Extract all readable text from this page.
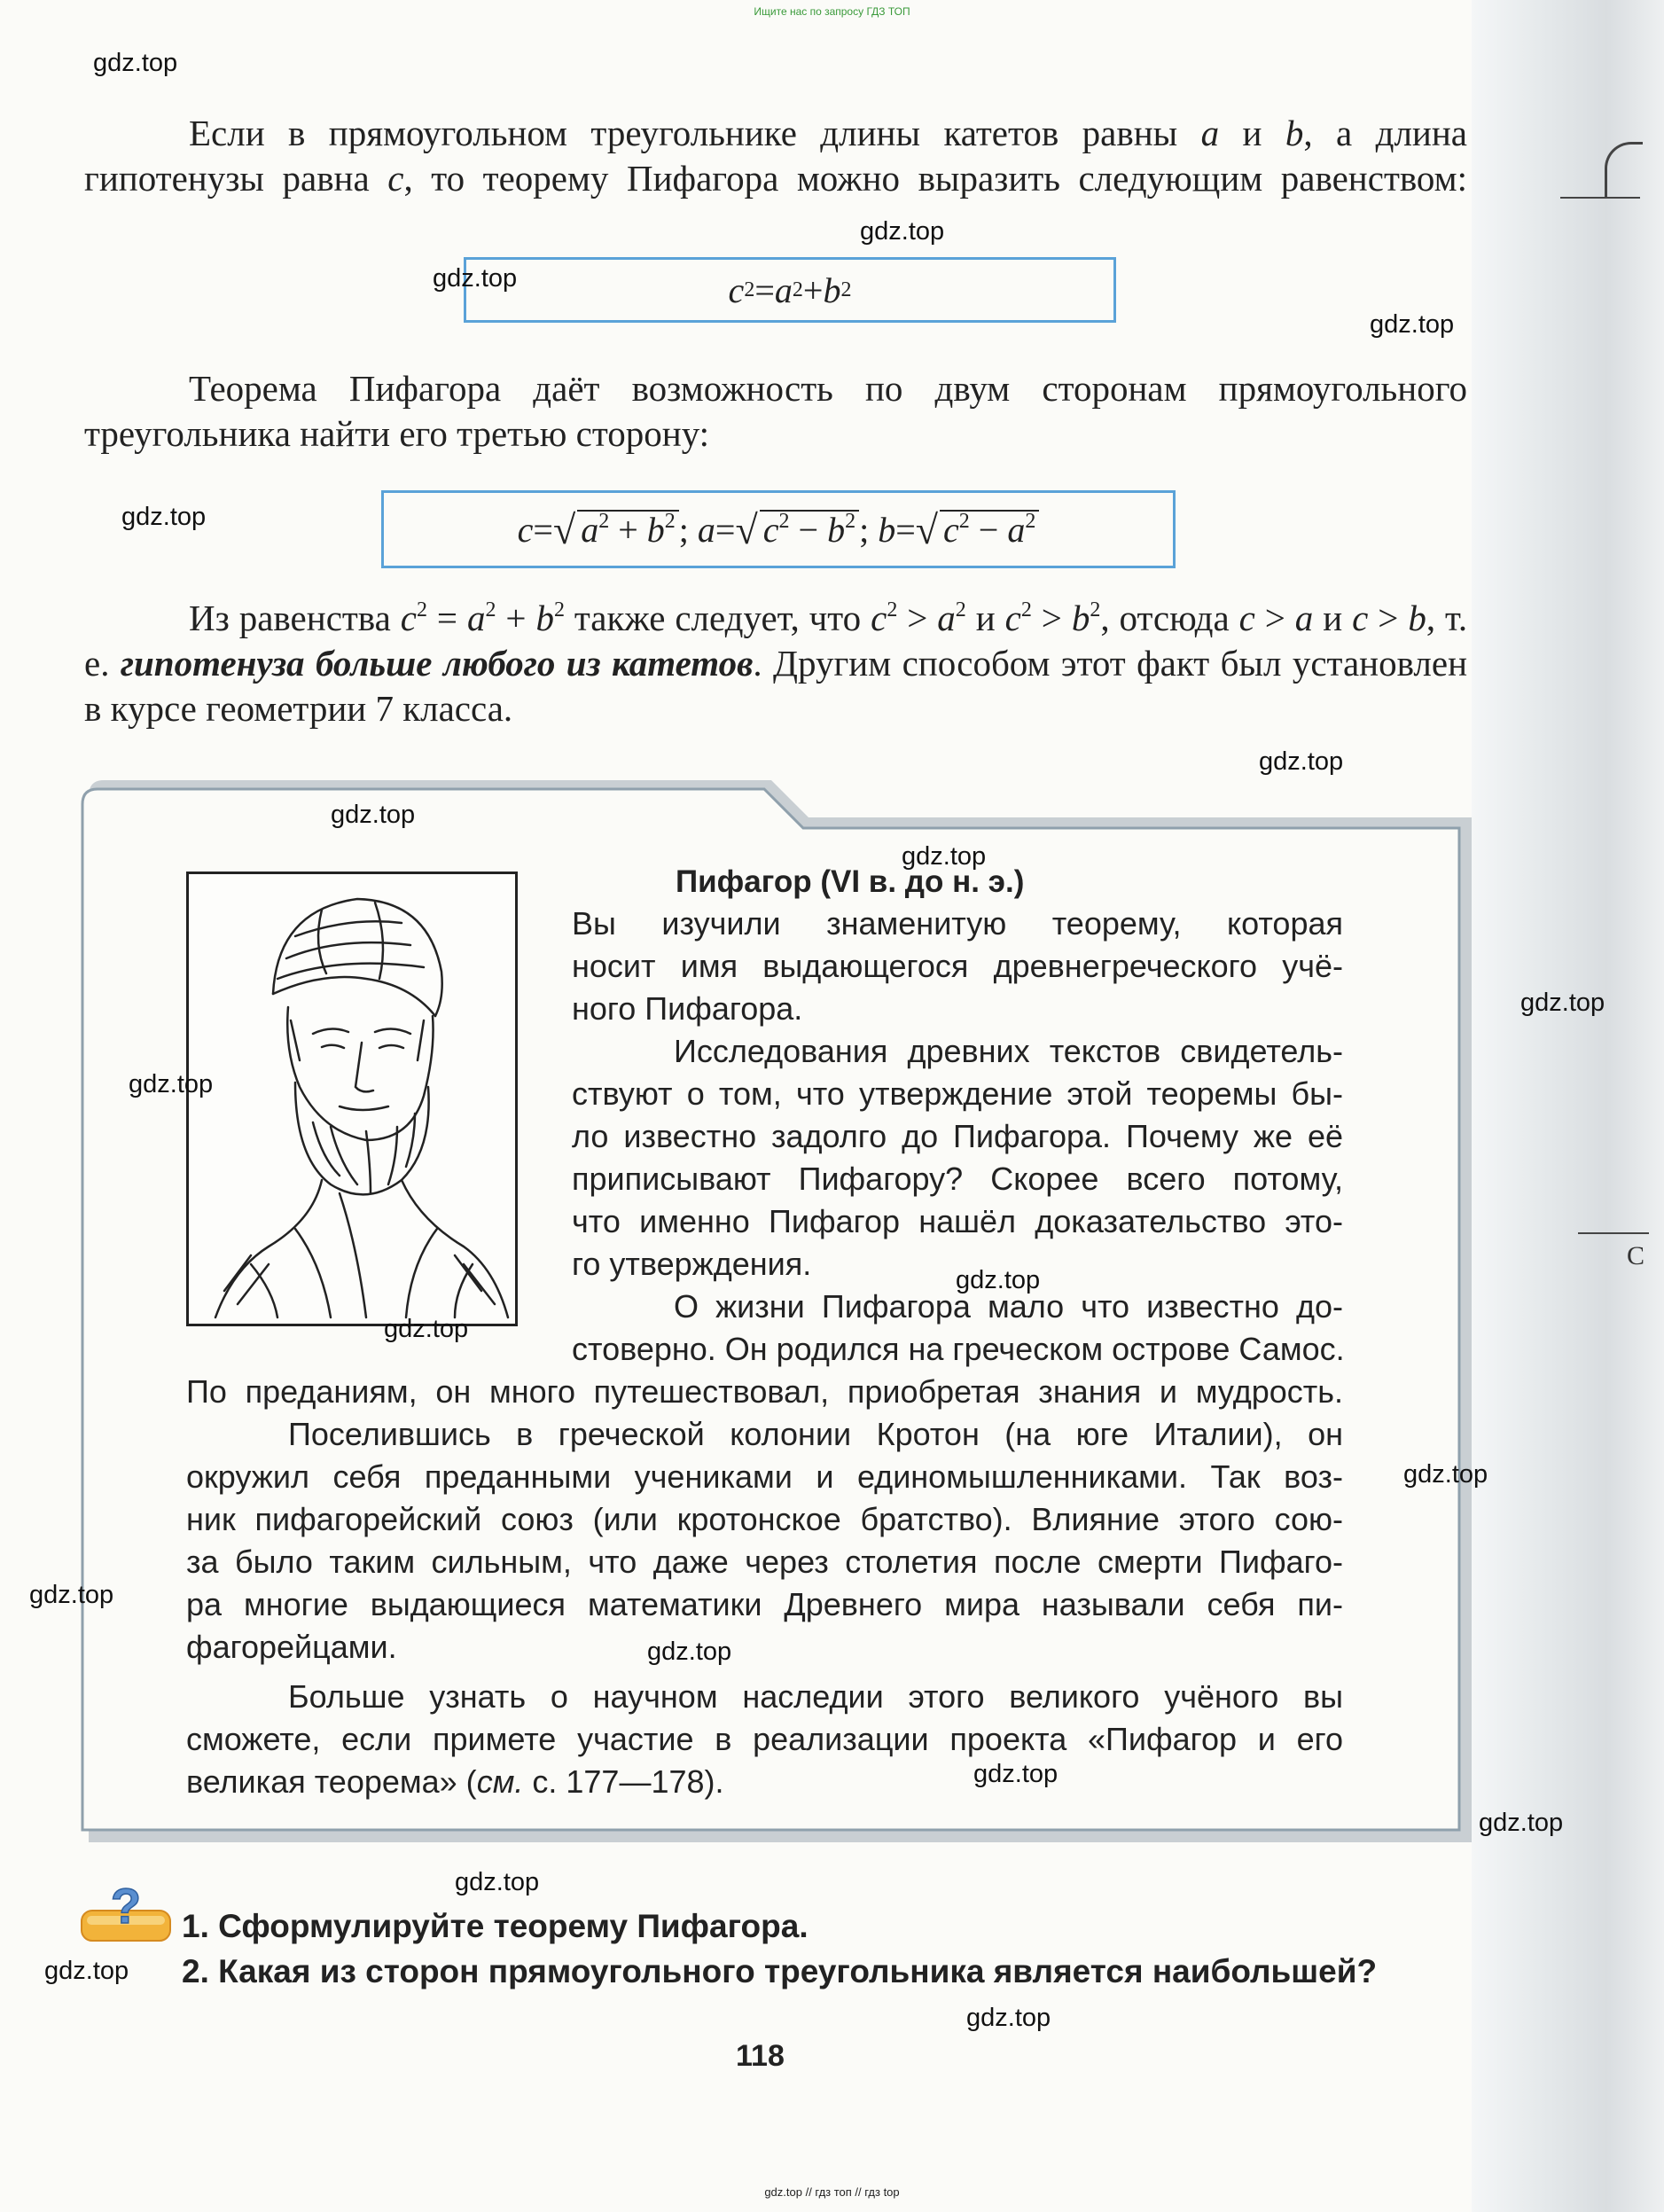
C
Ищите нас по запросу ГДЗ ТОП
Если в прямоугольном треугольнике длины катетов равны a и b, а длина гипотенузы равна c, то теорему Пифагора можно выразить следующим равенством:
c 2 = a 2 + b 2
Теорема Пифагора даёт возможность по двум сторонам прямоугольного треугольника найти его третью сторону:
c = √ $a^2 + b^2$ ;
a = √ $c^2 - b^2$ ;
b = √ $c^2 - a^2$
Из равенства $c^2 = a^2 + b^2$ также следует, что $c^2 > a^2$ и $c^2 > b^2$, отсюда c > a и c > b, т. е. гипотенуза больше любого из катетов. Другим способом этот факт был установлен в курсе геометрии 7 класса.
Пифагор (VI в. до н. э.)
Вы изучили знаменитую теорему, которая
носит имя выдающегося древнегреческого учё-
ного Пифагора.
Исследования древних текстов свидетель-
ствуют о том, что утверждение этой теоремы бы-
ло известно задолго до Пифагора. Почему же её
приписывают Пифагору? Скорее всего потому,
что именно Пифагор нашёл доказательство это-
го утверждения.
О жизни Пифагора мало что известно до-
стоверно. Он родился на греческом острове Самос.
По преданиям, он много путешествовал, приобретая знания и мудрость.
Поселившись в греческой колонии Кротон (на юге Италии), он
окружил себя преданными учениками и единомышленниками. Так воз-
ник пифагорейский союз (или кротонское братство). Влияние этого сою-
за было таким сильным, что даже через столетия после смерти Пифаго-
ра многие выдающиеся математики Древнего мира называли себя пи-
фагорейцами.
Больше узнать о научном наследии этого великого учёного вы
сможете, если примете участие в реализации проекта «Пифагор и его
великая теорема» (см. с. 177—178).
? 1. Сформулируйте теорему Пифагора.
2. Какая из сторон прямоугольного треугольника является наибольшей?
118
gdz.top // гдз топ // гдз top
gdz.top
gdz.top
gdz.top
gdz.top
gdz.top
gdz.top
gdz.top
gdz.top
gdz.top
gdz.top
gdz.top
gdz.top
gdz.top
gdz.top
gdz.top
gdz.top
gdz.top
gdz.top
gdz.top
gdz.top
